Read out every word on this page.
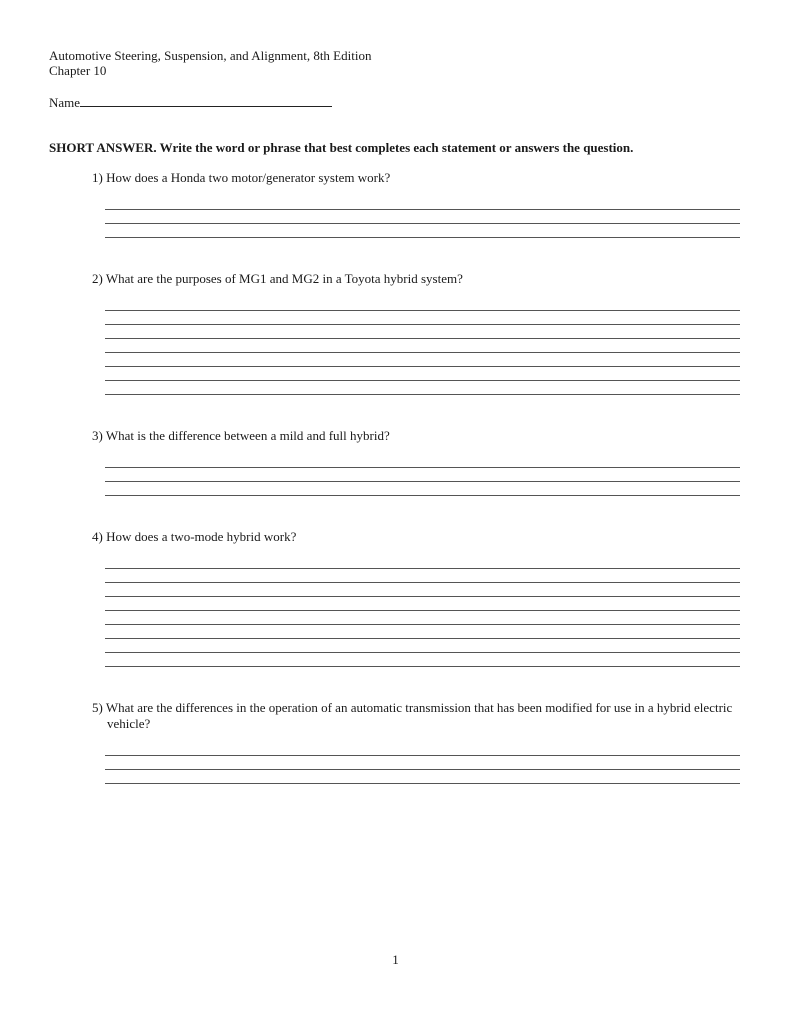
Automotive Steering, Suspension, and Alignment, 8th Edition
Chapter 10
Name
SHORT ANSWER. Write the word or phrase that best completes each statement or answers the question.
1) How does a Honda two motor/generator system work?
2) What are the purposes of MG1 and MG2 in a Toyota hybrid system?
3) What is the difference between a mild and full hybrid?
4) How does a two-mode hybrid work?
5) What are the differences in the operation of an automatic transmission that has been modified for use in a hybrid electric vehicle?
1
